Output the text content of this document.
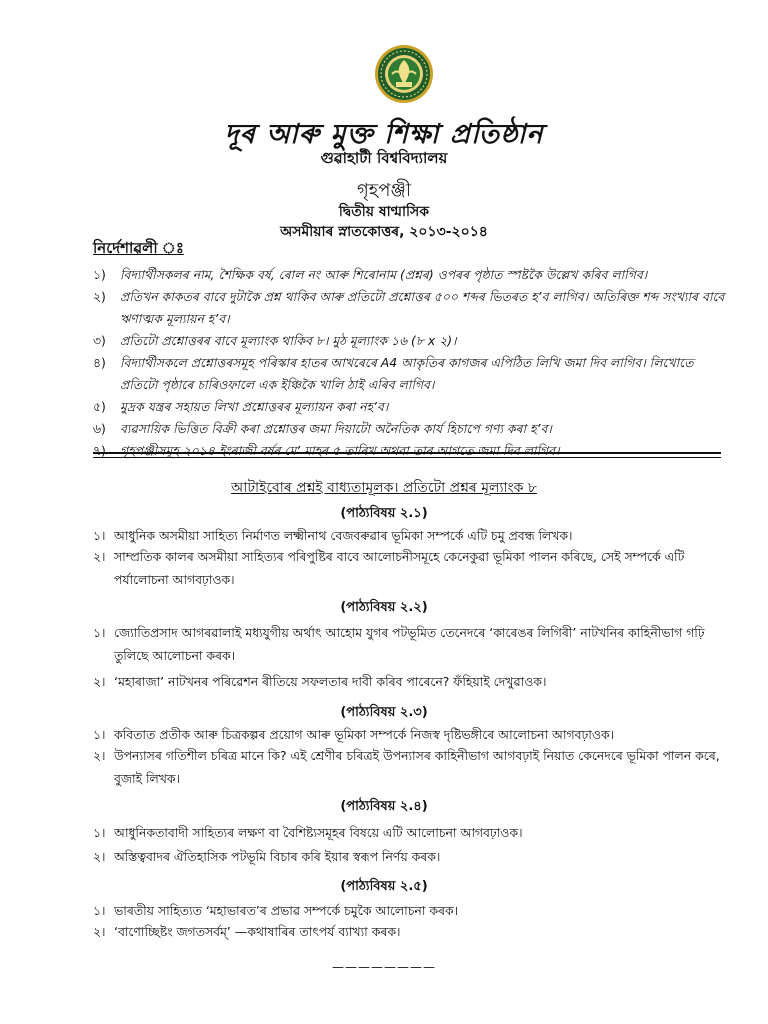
দূৰ আৰু মুক্ত শিক্ষা প্ৰতিষ্ঠান
গুৱাহাটী বিশ্ববিদ্যালয়
গৃহপঞ্জী
দ্বিতীয় ষাণ্মাসিক
অসমীয়াৰ স্নাতকোত্তৰ, ২০১৩-২০১৪
নিৰ্দেশাৱলী ঃ
১)	বিদ্যাৰ্থীসকলৰ নাম, শৈক্ষিক বৰ্ষ, ৰোল নং আৰু শিৰোনাম (প্ৰশ্নৰ) ওপৰৰ পৃষ্ঠাত স্পষ্টকৈ উল্লেখ কৰিব লাগিব।
২)	প্ৰতিখন কাকতৰ বাবে দুটাকৈ প্ৰশ্ন থাকিব আৰু প্ৰতিটো প্ৰশ্নোত্তৰ ৫০০ শব্দৰ ভিতৰত হ’ব লাগিব। অতিৰিক্ত শব্দ সংখ্যাৰ বাবে ঋণাত্মক মূল্যায়ন হ’ব।
৩)	প্ৰতিটো প্ৰশ্নোত্তৰৰ বাবে মূল্যাংক থাকিব ৮। মুঠ মূল্যাংক ১৬ (৮ x ২)।
৪)	বিদ্যাৰ্থীসকলে প্ৰশ্নোত্তৰসমূহ পৰিস্কাৰ হাতৰ আখৰেৰে A4 আকৃতিৰ কাগজৰ এপিঠিত লিখি জমা দিব লাগিব। লিখোতে প্ৰতিটো পৃষ্ঠাৰে চাৰিওফালে এক ইঞ্চিকৈ খালি ঠাই এৰিব লাগিব।
৫)	মুদ্ৰক যন্ত্ৰৰ সহায়ত লিখা প্ৰশ্নোত্তৰৰ মূল্যায়ন কৰা নহ’ব।
৬)	ব্যৱসায়িক ভিত্তিত বিক্ৰী কৰা প্ৰশ্নোত্তৰ জমা দিয়াটো অনৈতিক কাৰ্য হিচাপে গণ্য কৰা হ’ব।
৭)	গৃহপঞ্জীসমূহ ২০১৪ ইংৰাজী বৰ্ষৰ মে’ মাহৰ ৫ তাৰিখ অথবা তাৰ আগতে জমা দিব লাগিব।
আটাইবোৰ প্ৰশ্নই বাধ্যতামূলক। প্ৰতিটো প্ৰশ্নৰ মূল্যাংক ৮
(পাঠ্যবিষয় ২.১)
১। আধুনিক অসমীয়া সাহিত্য নিৰ্মাণত লক্ষ্মীনাথ বেজবৰুৱাৰ ভূমিকা সম্পৰ্কে এটি চমু প্ৰবন্ধ লিখক।
২। সাম্প্ৰতিক কালৰ অসমীয়া সাহিত্যৰ পৰিপুষ্টিৰ বাবে আলোচনীসমূহে কেনেকুৱা ভূমিকা পালন কৰিছে, সেই সম্পৰ্কে এটি পৰ্যালোচনা আগবঢ়াওক।
(পাঠ্যবিষয় ২.২)
১। জ্যোতিপ্ৰসাদ আগৰৱালাই মধ্যযুগীয় অৰ্থাৎ আহোম যুগৰ পটভূমিত তেনেদৰে ‘কাৰেঙৰ লিগিৰী’ নাটখনিৰ কাহিনীভাগ গঢ়ি তুলিছে আলোচনা কৰক।
২। ‘মহাৰাজা’ নাটখনৰ পৰিৱেশন ৰীতিয়ে সফলতাৰ দাবী কৰিব পাৰেনে? ফঁহিয়াই দেখুৱাওক।
(পাঠ্যবিষয় ২.৩)
১। কবিতাত প্ৰতীক আৰু চিত্ৰকল্পৰ প্ৰয়োগ আৰু ভূমিকা সম্পৰ্কে নিজস্ব দৃষ্টিভঙ্গীৰে আলোচনা আগবঢ়াওক।
২। উপন্যাসৰ গতিশীল চৰিত্ৰ মানে কি? এই শ্ৰেণীৰ চৰিত্ৰই উপন্যাসৰ কাহিনীভাগ আগবঢ়াই নিয়াত কেনেদৰে ভূমিকা পালন কৰে, বুজাই লিখক।
(পাঠ্যবিষয় ২.৪)
১। আধুনিকতাবাদী সাহিত্যৰ লক্ষণ বা বৈশিষ্ট্যসমূহৰ বিষয়ে এটি আলোচনা আগবঢ়াওক।
২। অস্তিত্ববাদৰ ঐতিহাসিক পটভূমি বিচাৰ কৰি ইয়াৰ স্বৰূপ নিৰ্ণয় কৰক।
(পাঠ্যবিষয় ২.৫)
১। ভাৰতীয় সাহিত্যত ‘মহাভাৰত’ৰ প্ৰভাৱ সম্পৰ্কে চমুকৈ আলোচনা কৰক।
২। ‘বাণোচ্ছিষ্টং জগতসৰ্বম্’ —কথাষাৰিৰ তাৎপৰ্য ব্যাখ্যা কৰক।
————————
